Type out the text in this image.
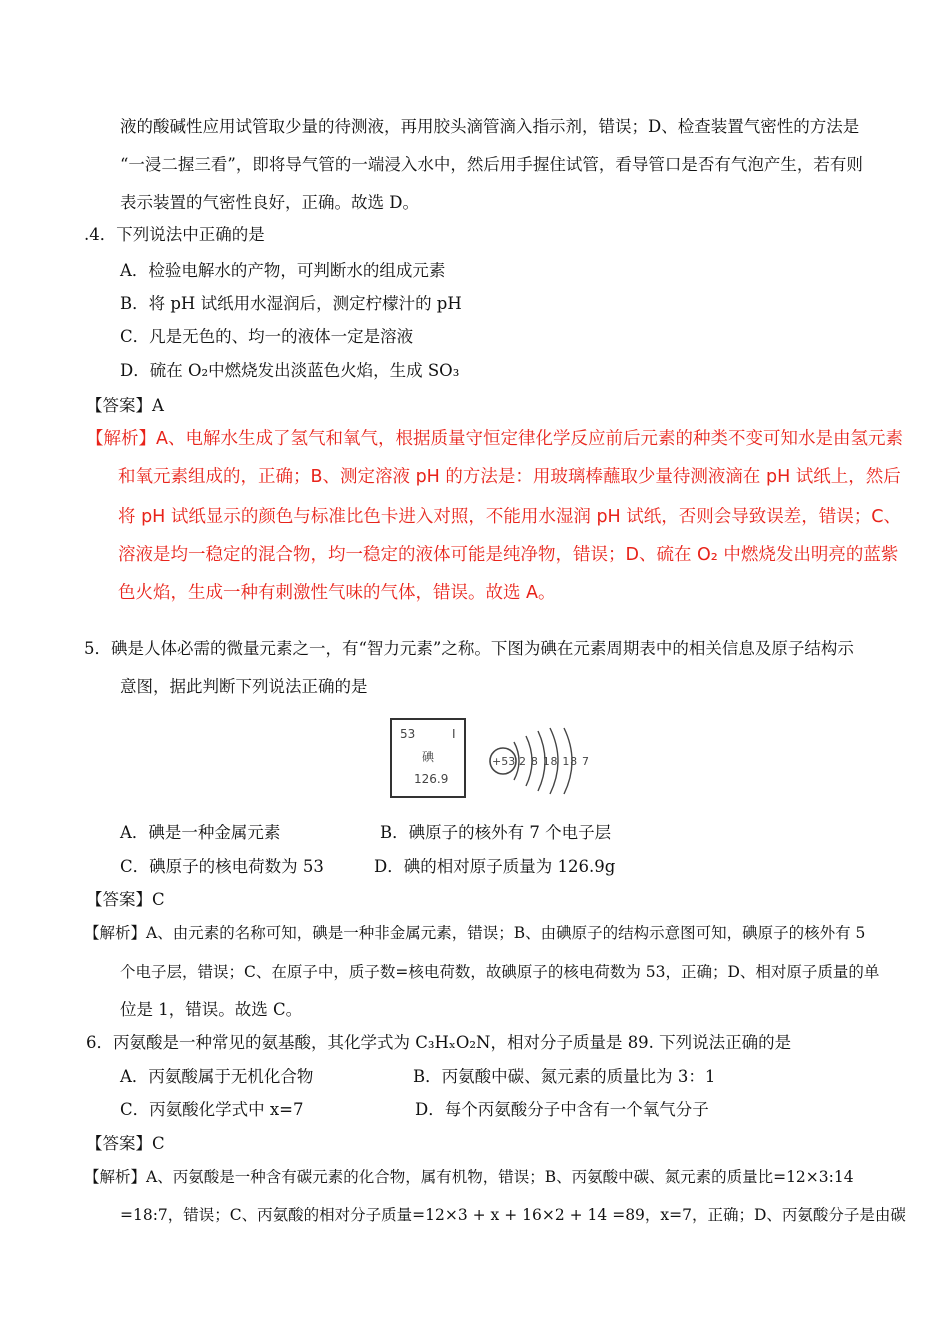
液的酸碱性应用试管取少量的待测液，再用胶头滴管滴入指示剂，错误；D、检查装置气密性的方法是
“一浸二握三看”，即将导气管的一端浸入水中，然后用手握住试管，看导管口是否有气泡产生，若有则
表示装置的气密性良好，正确。故选 D。
.4．下列说法中正确的是
A．检验电解水的产物，可判断水的组成元素
B．将 pH 试纸用水湿润后，测定柠檬汁的 pH
C．凡是无色的、均一的液体一定是溶液
D．硫在 O₂中燃烧发出淡蓝色火焰，生成 SO₃
【答案】A
【解析】A、电解水生成了氢气和氧气，根据质量守恒定律化学反应前后元素的种类不变可知水是由氢元素
和氧元素组成的，正确；B、测定溶液 pH 的方法是：用玻璃棒蘸取少量待测液滴在 pH 试纸上，然后
将 pH 试纸显示的颜色与标准比色卡进入对照，不能用水湿润 pH 试纸，否则会导致误差，错误；C、
溶液是均一稳定的混合物，均一稳定的液体可能是纯净物，错误；D、硫在 O₂ 中燃烧发出明亮的蓝紫
色火焰，生成一种有刺激性气味的气体，错误。故选 A。
5．碘是人体必需的微量元素之一，有“智力元素”之称。下图为碘在元素周期表中的相关信息及原子结构示
意图，据此判断下列说法正确的是
53	I
碘
126.9
+53 2 8 18 18 7
A．碘是一种金属元素	B．碘原子的核外有 7 个电子层
C．碘原子的核电荷数为 53	D．碘的相对原子质量为 126.9g
【答案】C
【解析】A、由元素的名称可知，碘是一种非金属元素，错误；B、由碘原子的结构示意图可知，碘原子的核外有 5
个电子层，错误；C、在原子中，质子数=核电荷数，故碘原子的核电荷数为 53，正确；D、相对原子质量的单
位是 1，错误。故选 C。
6．丙氨酸是一种常见的氨基酸，其化学式为 C₃HₓO₂N，相对分子质量是 89. 下列说法正确的是
A．丙氨酸属于无机化合物	B．丙氨酸中碳、氮元素的质量比为 3：1
C．丙氨酸化学式中 x=7	D．每个丙氨酸分子中含有一个氧气分子
【答案】C
【解析】A、丙氨酸是一种含有碳元素的化合物，属有机物，错误；B、丙氨酸中碳、氮元素的质量比=12×3:14
=18:7，错误；C、丙氨酸的相对分子质量=12×3 + x + 16×2 + 14 =89，x=7，正确；D、丙氨酸分子是由碳
